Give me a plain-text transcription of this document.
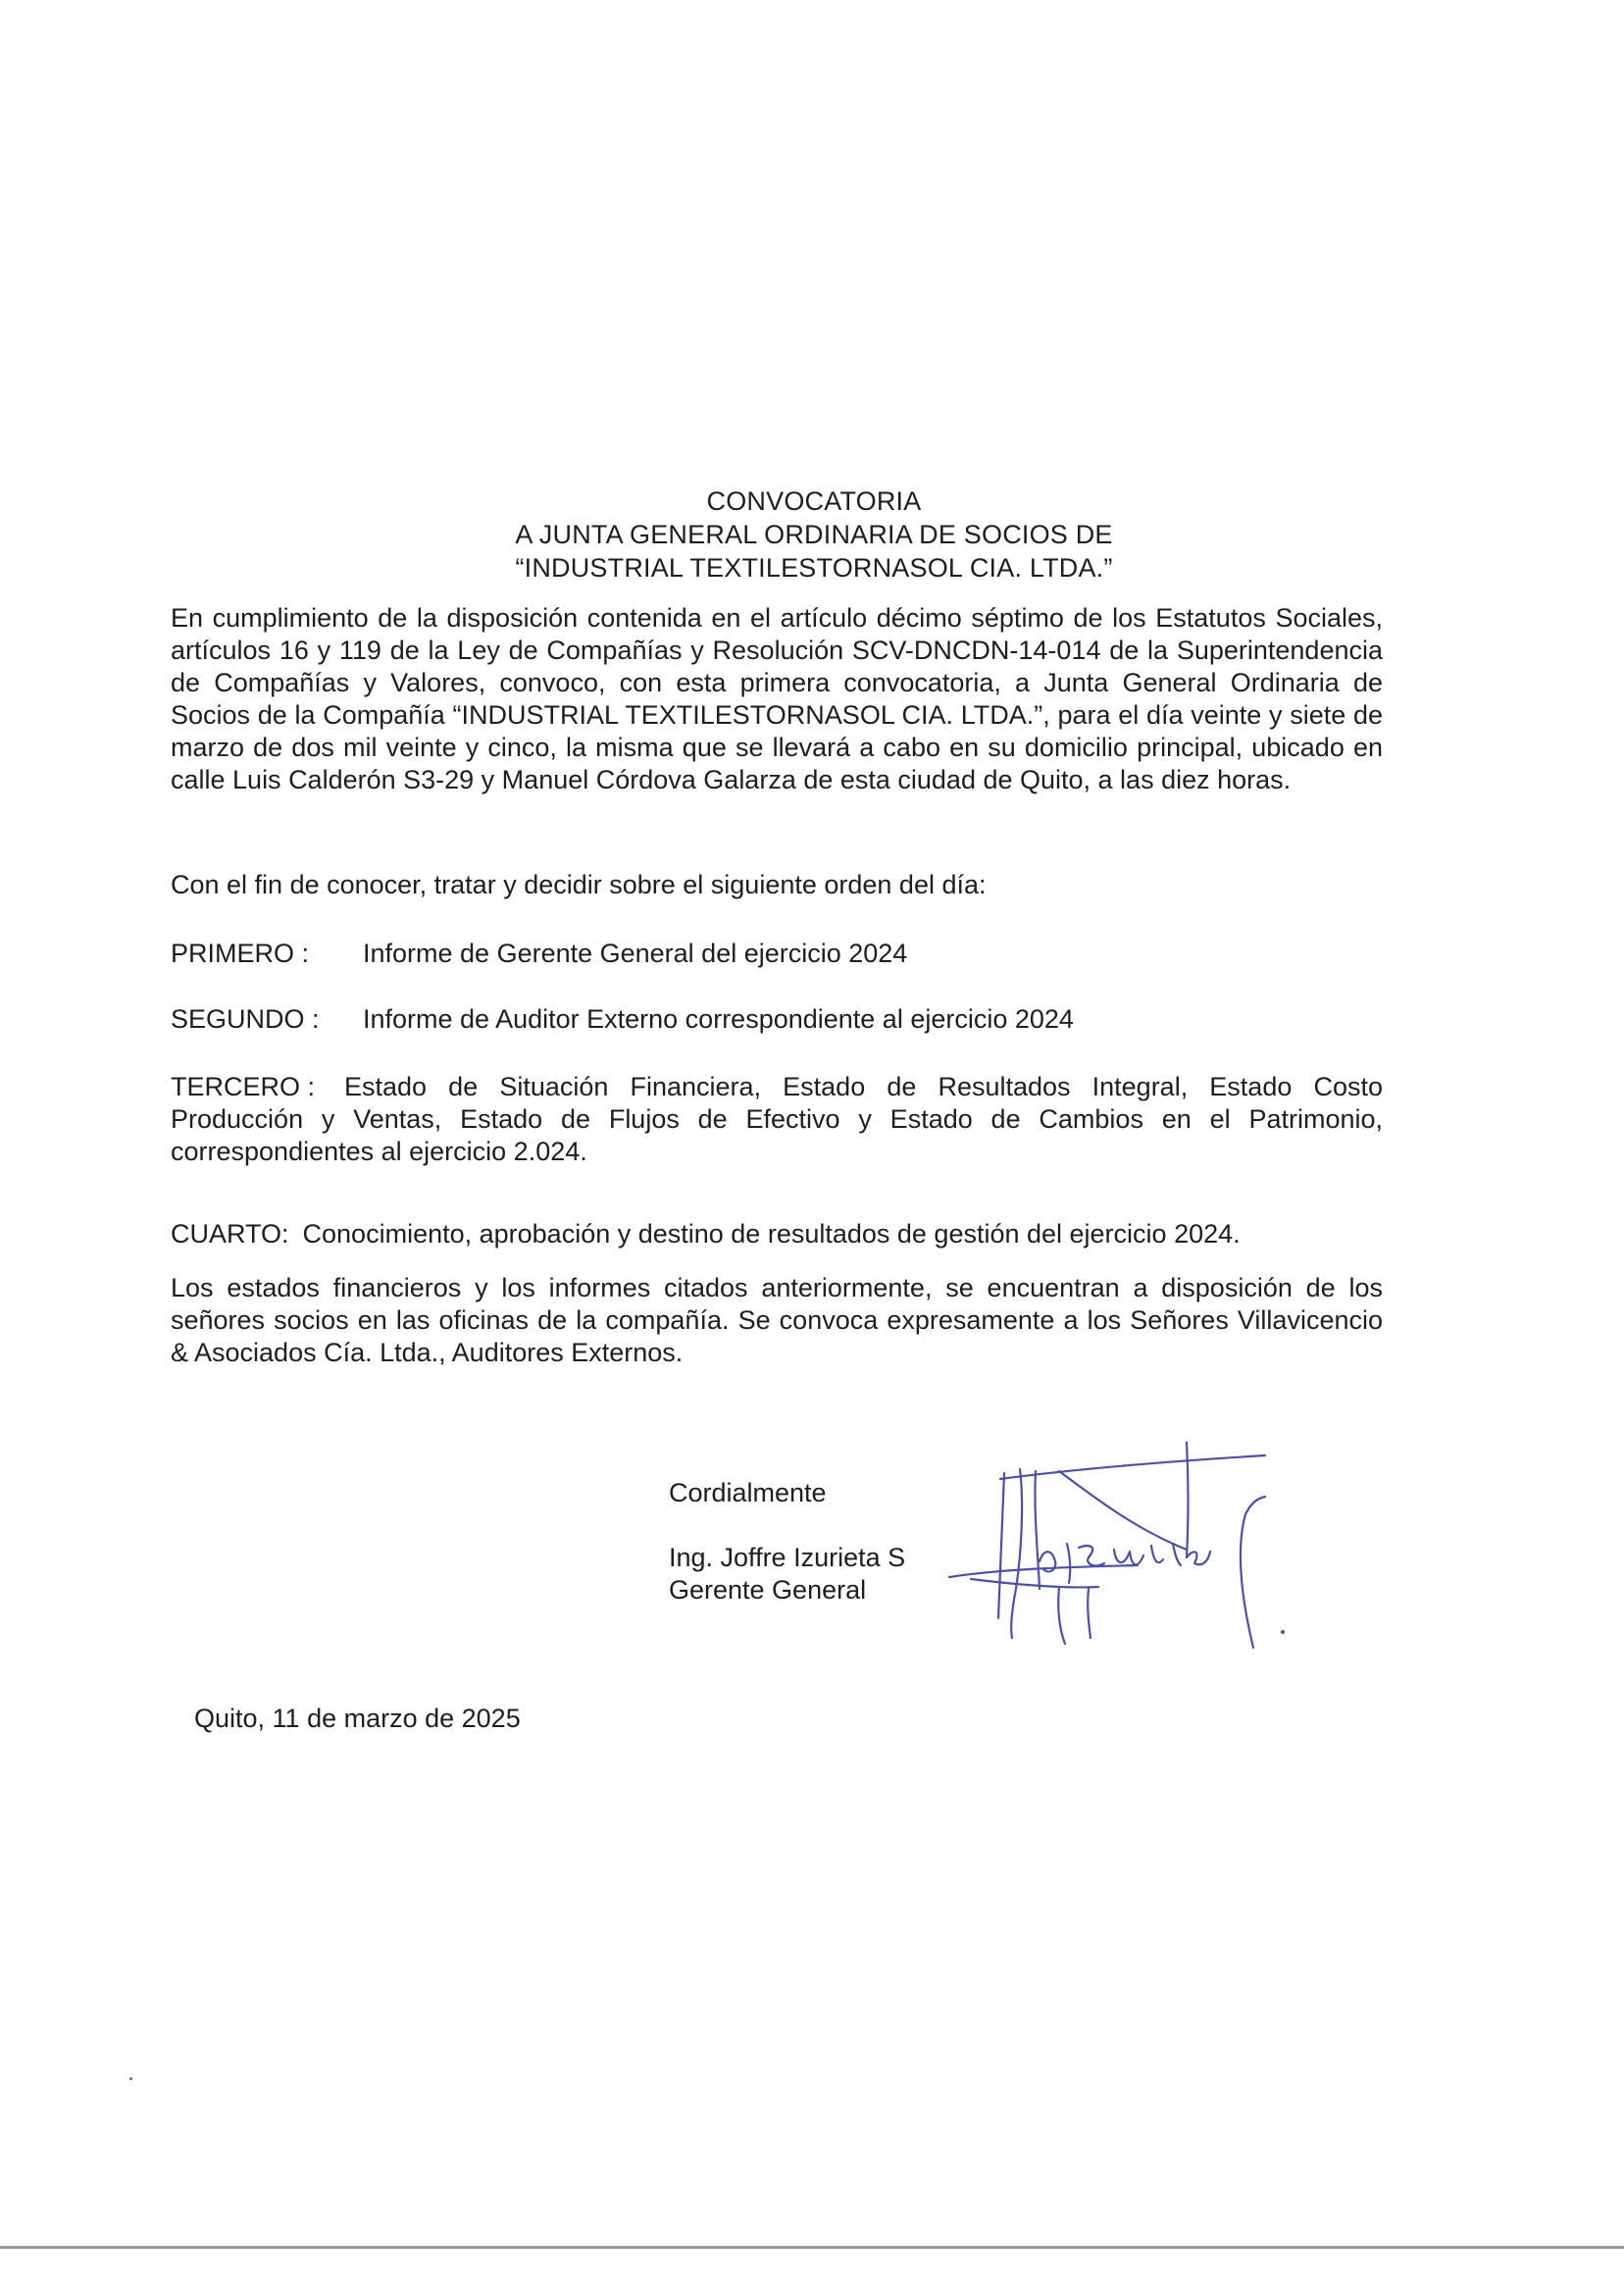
CONVOCATORIA
A JUNTA GENERAL ORDINARIA DE SOCIOS DE
“INDUSTRIAL TEXTILESTORNASOL CIA. LTDA.”

En cumplimiento de la disposición contenida en el artículo décimo séptimo de los Estatutos Sociales, artículos 16 y 119 de la Ley de Compañías y Resolución SCV-DNCDN-14-014 de la Superintendencia de Compañías y Valores, convoco, con esta primera convocatoria, a Junta General Ordinaria de Socios de la Compañía “INDUSTRIAL TEXTILESTORNASOL CIA. LTDA.”, para el día veinte y siete de marzo de dos mil veinte y cinco, la misma que se llevará a cabo en su domicilio principal, ubicado en calle Luis Calderón S3-29 y Manuel Córdova Galarza de esta ciudad de Quito, a las diez horas.

Con el fin de conocer, tratar y decidir sobre el siguiente orden del día:

PRIMERO : Informe de Gerente General del ejercicio 2024
SEGUNDO : Informe de Auditor Externo correspondiente al ejercicio 2024
TERCERO : Estado de Situación Financiera, Estado de Resultados Integral, Estado Costo Producción y Ventas, Estado de Flujos de Efectivo y Estado de Cambios en el Patrimonio, correspondientes al ejercicio 2.024.
CUARTO: Conocimiento, aprobación y destino de resultados de gestión del ejercicio 2024.

Los estados financieros y los informes citados anteriormente, se encuentran a disposición de los señores socios en las oficinas de la compañía. Se convoca expresamente a los Señores Villavicencio & Asociados Cía. Ltda., Auditores Externos.

Cordialmente
Ing. Joffre Izurieta S
Gerente General
Quito, 11 de marzo de 2025
